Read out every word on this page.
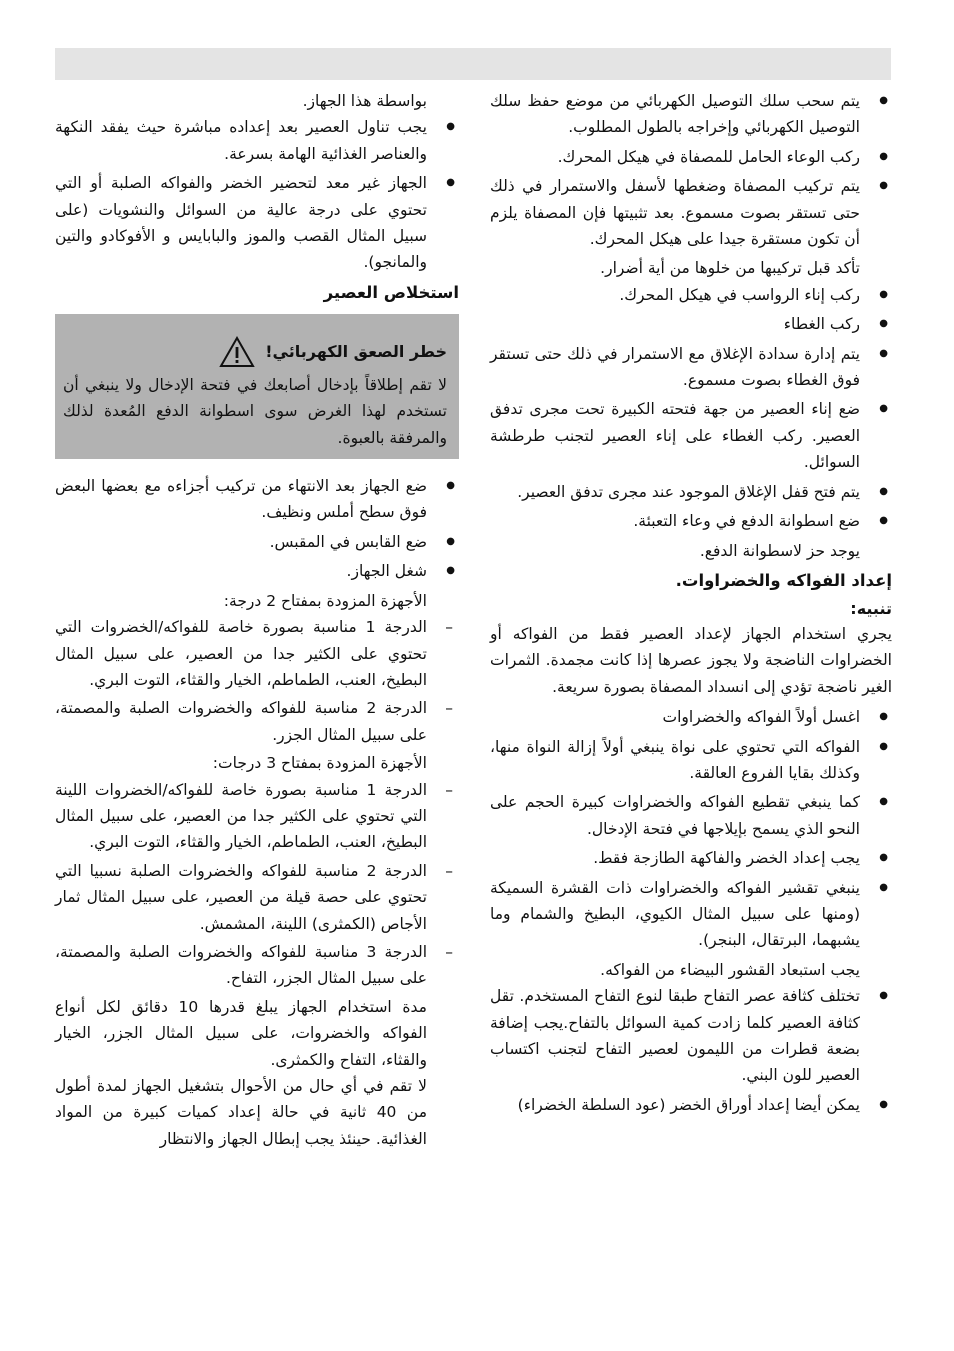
● يتم سحب سلك التوصيل الكهربائي من موضع حفظ سلك التوصيل الكهربائي وإخراجه بالطول المطلوب.
● ركب الوعاء الحامل للمصفاة في هيكل المحرك.
● يتم تركيب المصفاة وضغطها لأسفل والاستمرار في ذلك حتى تستقر بصوت مسموع. بعد تثبيتها فإن المصفاة يلزم أن تكون مستقرة جيدا على هيكل المحرك.
تأكد قبل تركيبها من خلوها من أية أضرار.
● ركب إناء الرواسب في هيكل المحرك.
● ركب الغطاء
● يتم إدارة سدادة الإغلاق مع الاستمرار في ذلك حتى تستقر فوق الغطاء بصوت مسموع.
● ضع إناء العصير من جهة فتحته الكبيرة تحت مجرى تدفق العصير. ركب الغطاء على إناء العصير لتجنب طرطشة السوائل.
● يتم فتح قفل الإغلاق الموجود عند مجرى تدفق العصير.
● ضع اسطوانة الدفع في وعاء التعبئة.
يوجد حز لاسطوانة الدفع.
إعداد الفواكه والخضراوات.
تنبيه:

يجري استخدام الجهاز لإعداد العصير فقط من الفواكه أو الخضراوات الناضجة ولا يجوز عصرها إذا كانت مجمدة. الثمرات الغير ناضجة تؤدي إلى انسداد المصفاة بصورة سريعة.

● اغسل أولاً الفواكه والخضراوات
● الفواكه التي تحتوي على نواة ينبغي أولاً إزالة النواة منها، وكذلك بقايا الفروع العالقة.
● كما ينبغي تقطيع الفواكه والخضراوات كبيرة الحجم على النحو الذي يسمح بإيلاجها في فتحة الإدخال.
● يجب إعداد الخضر والفاكهة الطازجة فقط.
● ينبغي تقشير الفواكه والخضراوات ذات القشرة السميكة (ومنها على سبيل المثال الكيوي، البطيخ والشمام وما يشبهما، البرتقال، البنجر).
يجب استبعاد القشور البيضاء من الفواكه.
● تختلف كثافة عصر التفاح طبقا لنوع التفاح المستخدم. تقل كثافة العصير كلما زادت كمية السوائل بالتفاح.يجب إضافة بضعة قطرات من الليمون لعصير التفاح لتجنب اكتساب العصير للون البني.
● يمكن أيضا إعداد أوراق الخضر (عود السلطة الخضراء)

بواسطة هذا الجهاز.

● يجب تناول العصير بعد إعداده مباشرة حيث يفقد النكهة والعناصر الغذائية الهامة بسرعة.
● الجهاز غير معد لتحضير الخضر والفواكه الصلبة أو التي تحتوي على درجة عالية من السوائل والنشويات (على سبيل المثال القصب والموز والبابايس و الأفوكادو والتين والمانجو).
استخلاص العصير
خطر الصعق الكهربائي!

لا تقم إطلاقاً بإدخال أصابعك في فتحة الإدخال ولا ينبغي أن تستخدم لهذا الغرض سوى اسطوانة الدفع المُعدة لذلك والمرفقة بالعبوة.

● ضع الجهاز بعد الانتهاء من تركيب أجزاءه مع بعضها البعض فوق سطح أملس ونظيف.
● ضع القابس في المقبس.
● شغل الجهاز.
الأجهزة المزودة بمفتاح 2 درجة:
– الدرجة 1 مناسبة بصورة خاصة للفواكه/الخضروات التي تحتوي على الكثير جدا من العصير، على سبيل المثال البطيخ، العنب، الطماطم، الخيار والقثاء، التوت البري.
– الدرجة 2 مناسبة للفواكه والخضروات الصلبة والمصمتة، على سبيل المثال الجزر.
الأجهزة المزودة بمفتاح 3 درجات:
– الدرجة 1 مناسبة بصورة خاصة للفواكه/الخضروات اللينة التي تحتوي على الكثير جدا من العصير، على سبيل المثال البطيخ، العنب، الطماطم، الخيار والقثاء، التوت البري.
– الدرجة 2 مناسبة للفواكه والخضروات الصلبة نسبيا التي تحتوي على حصة قيلة من العصير، على سبيل المثال ثمار الأجاص (الكمثرى) اللينة، المشمش.
– الدرجة 3 مناسبة للفواكه والخضروات الصلبة والمصمتة، على سبيل المثال الجزر، التفاح.
مدة استخدام الجهاز يبلغ قدرها 10 دقائق لكل أنواع الفواكه والخضروات، على سبيل المثال الجزر، الخيار والقثاء، التفاح والكمثرى.
لا تقم في أي حال من الأحوال بتشغيل الجهاز لمدة أطول من 40 ثانية في حالة إعداد كميات كبيرة من المواد الغذائية. حينئذ يجب إبطال الجهاز والانتظار
